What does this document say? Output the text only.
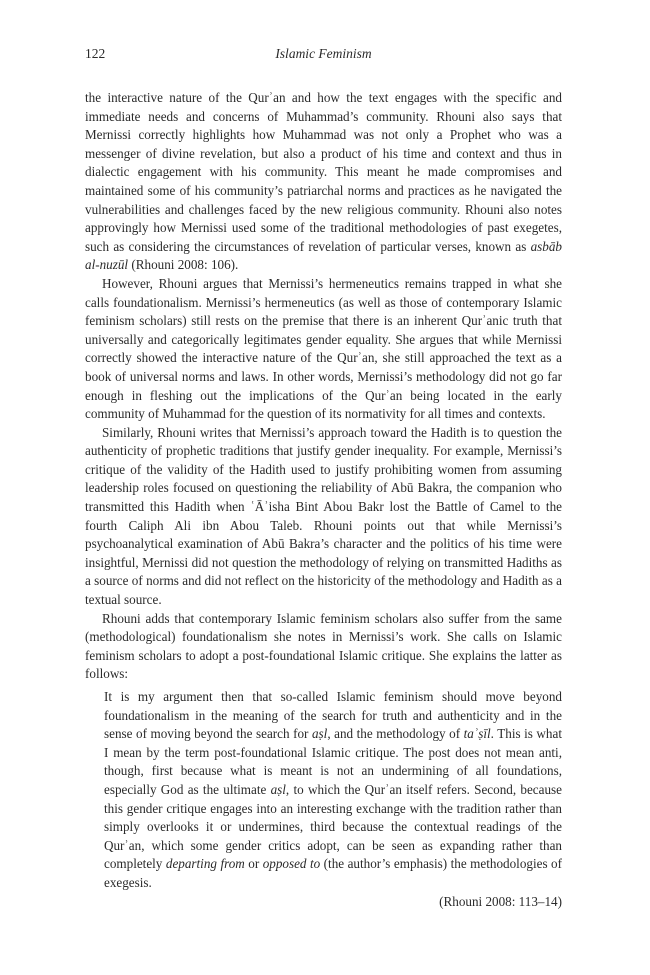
122	Islamic Feminism

the interactive nature of the Qurʾan and how the text engages with the specific and immediate needs and concerns of Muhammad’s community. Rhouni also says that Mernissi correctly highlights how Muhammad was not only a Prophet who was a messenger of divine revelation, but also a product of his time and context and thus in dialectic engagement with his community. This meant he made compromises and maintained some of his community’s patriarchal norms and practices as he navigated the vulnerabilities and challenges faced by the new religious community. Rhouni also notes approvingly how Mernissi used some of the traditional methodologies of past exegetes, such as considering the circumstances of revelation of particular verses, known as asbāb al-nuzūl (Rhouni 2008: 106).

However, Rhouni argues that Mernissi’s hermeneutics remains trapped in what she calls foundationalism. Mernissi’s hermeneutics (as well as those of contemporary Islamic feminism scholars) still rests on the premise that there is an inherent Qurʾanic truth that universally and categorically legitimates gender equality. She argues that while Mernissi correctly showed the interactive nature of the Qurʾan, she still approached the text as a book of universal norms and laws. In other words, Mernissi’s methodology did not go far enough in fleshing out the implications of the Qurʾan being located in the early community of Muhammad for the question of its normativity for all times and contexts.

Similarly, Rhouni writes that Mernissi’s approach toward the Hadith is to question the authenticity of prophetic traditions that justify gender inequality. For example, Mernissi’s critique of the validity of the Hadith used to justify prohibiting women from assuming leadership roles focused on questioning the reliability of Abū Bakra, the companion who transmitted this Hadith when ʿĀʾisha Bint Abou Bakr lost the Battle of Camel to the fourth Caliph Ali ibn Abou Taleb. Rhouni points out that while Mernissi’s psychoanalytical examination of Abū Bakra’s character and the politics of his time were insightful, Mernissi did not question the methodology of relying on transmitted Hadiths as a source of norms and did not reflect on the historicity of the methodology and Hadith as a textual source.

Rhouni adds that contemporary Islamic feminism scholars also suffer from the same (methodological) foundationalism she notes in Mernissi’s work. She calls on Islamic feminism scholars to adopt a post-foundational Islamic critique. She explains the latter as follows:

It is my argument then that so-called Islamic feminism should move beyond foundationalism in the meaning of the search for truth and authenticity and in the sense of moving beyond the search for aṣl, and the methodology of taʾṣīl. This is what I mean by the term post-foundational Islamic critique. The post does not mean anti, though, first because what is meant is not an undermining of all foundations, especially God as the ultimate aṣl, to which the Qurʾan itself refers. Second, because this gender critique engages into an interesting exchange with the tradition rather than simply overlooks it or undermines, third because the contextual readings of the Qurʾan, which some gender critics adopt, can be seen as expanding rather than completely departing from or opposed to (the author’s emphasis) the methodologies of exegesis.

(Rhouni 2008: 113–14)
